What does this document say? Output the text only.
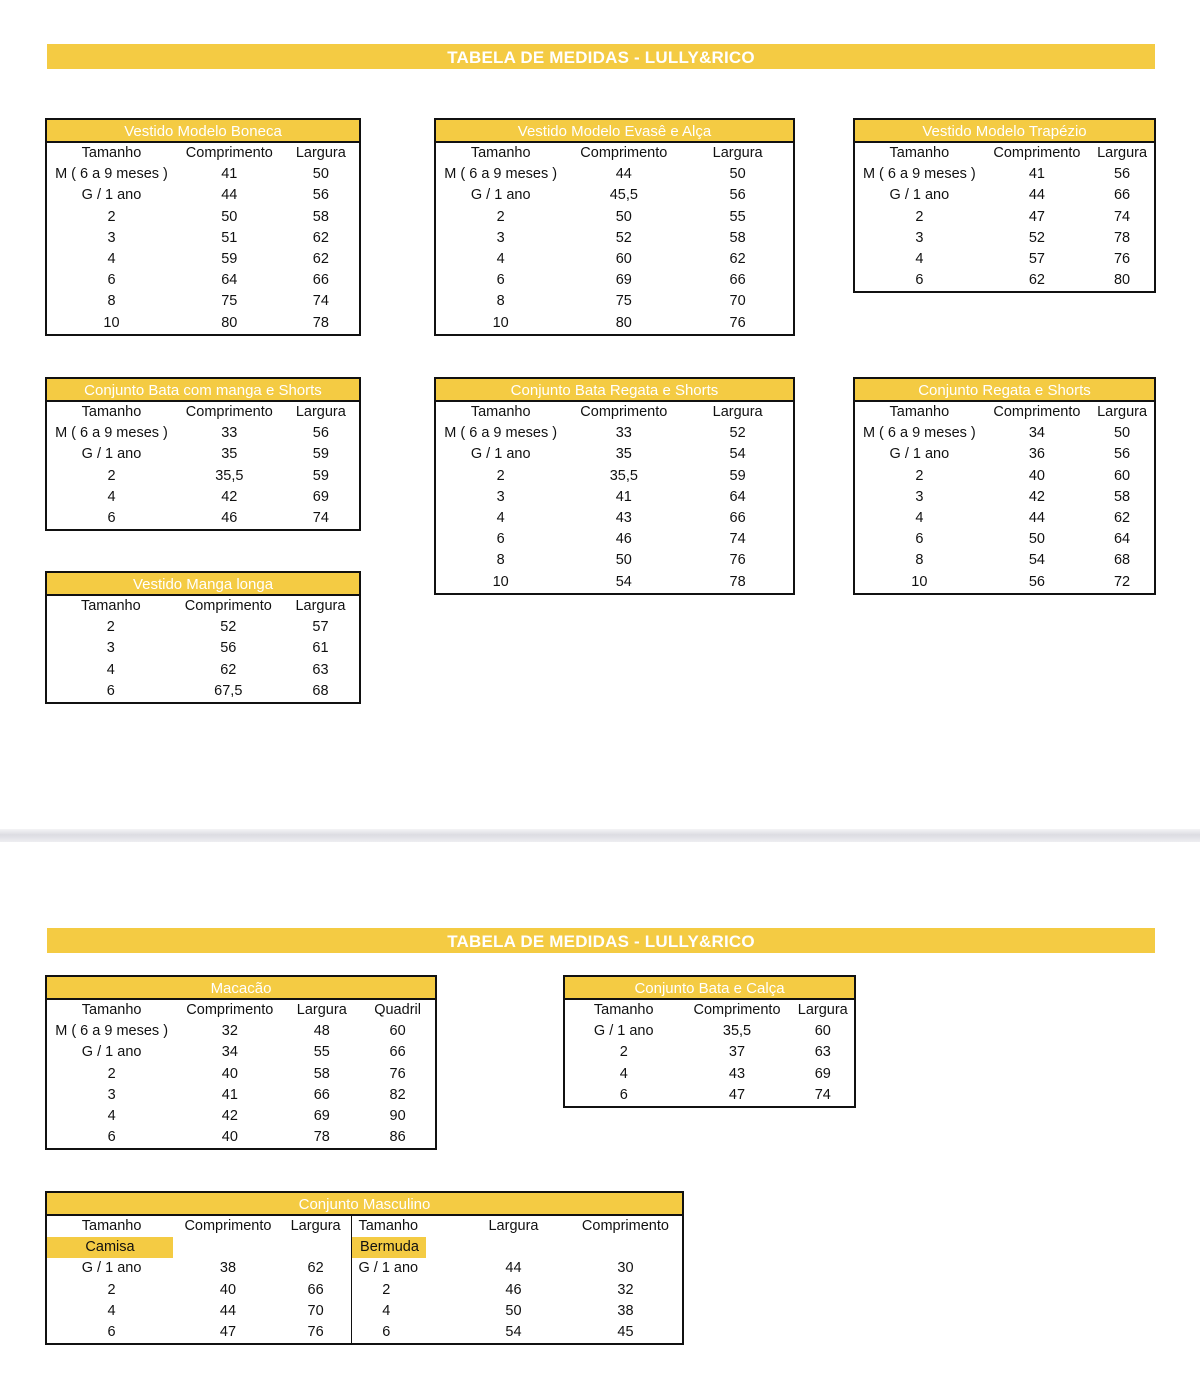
TABELA DE MEDIDAS - LULLY&RICO
Vestido Modelo Boneca
Tamanho	Comprimento	Largura
M ( 6 a 9 meses )	41	50
G / 1 ano	44	56
2	50	58
3	51	62
4	59	62
6	64	66
8	75	74
10	80	78
Vestido Modelo Evasê e Alça
Tamanho	Comprimento	Largura
M ( 6 a 9 meses )	44	50
G / 1 ano	45,5	56
2	50	55
3	52	58
4	60	62
6	69	66
8	75	70
10	80	76
Vestido Modelo Trapézio
Tamanho	Comprimento	Largura
M ( 6 a 9 meses )	41	56
G / 1 ano	44	66
2	47	74
3	52	78
4	57	76
6	62	80
Conjunto Bata com manga e Shorts
Tamanho	Comprimento	Largura
M ( 6 a 9 meses )	33	56
G / 1 ano	35	59
2	35,5	59
4	42	69
6	46	74
Conjunto Bata Regata e Shorts
Tamanho	Comprimento	Largura
M ( 6 a 9 meses )	33	52
G / 1 ano	35	54
2	35,5	59
3	41	64
4	43	66
6	46	74
8	50	76
10	54	78
Conjunto Regata e Shorts
Tamanho	Comprimento	Largura
M ( 6 a 9 meses )	34	50
G / 1 ano	36	56
2	40	60
3	42	58
4	44	62
6	50	64
8	54	68
10	56	72
Vestido Manga longa
Tamanho	Comprimento	Largura
2	52	57
3	56	61
4	62	63
6	67,5	68
TABELA DE MEDIDAS - LULLY&RICO
Macacão
Tamanho	Comprimento	Largura	Quadril
M ( 6 a 9 meses )	32	48	60
G / 1 ano	34	55	66
2	40	58	76
3	41	66	82
4	42	69	90
6	40	78	86
Conjunto Bata e Calça
Tamanho	Comprimento	Largura
G / 1 ano	35,5	60
2	37	63
4	43	69
6	47	74
Conjunto Masculino
Tamanho	Comprimento	Largura	Tamanho	Largura	Comprimento

Camisa			Bermuda		

G / 1 ano	38	62	G / 1 ano	44	30
2	40	66	2	46	32
4	44	70	4	50	38
6	47	76	6	54	45
